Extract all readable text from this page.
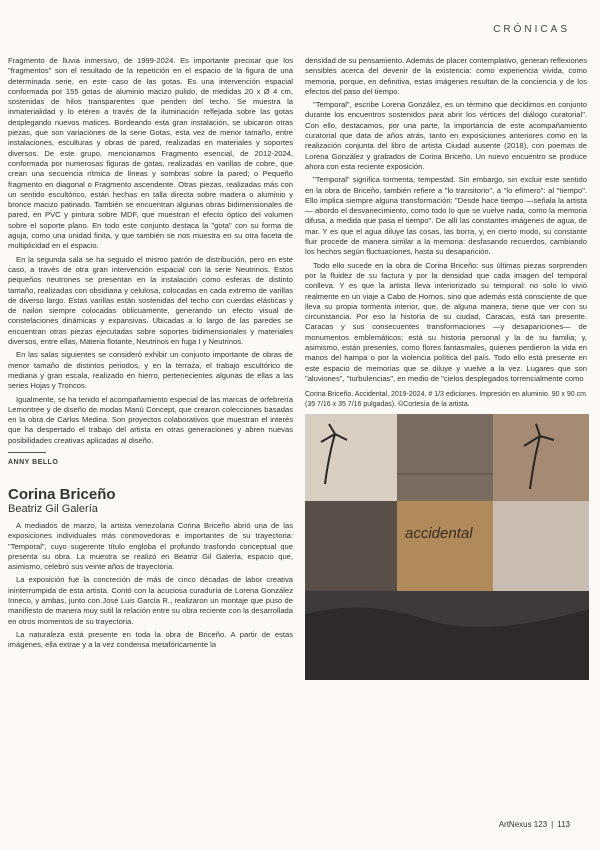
CRÓNICAS

Fragmento de lluvia inmersivo, de 1999-2024. Es importante precisar que los "fragmentos" son el resultado de la repetición en el espacio de la figura de una determinada serie, en este caso de las gotas. Es una intervención espacial conformada por 155 gotas de aluminio macizo pulido, de medidas 20 x Ø 4 cm, sostenidas de hilos transparentes que penden del techo. Se muestra la inmaterialidad y lo etéreo a través de la iluminación reflejada sobre las gotas desplegando nuevos matices. Bordeando esta gran instalación, se ubicaron otras piezas, que son variaciones de la serie Gotas, esta vez de menor tamaño, entre instalaciones, esculturas y obras de pared, realizadas en materiales y soportes diversos. De este grupo, mencionamos Fragmento esencial, de 2012-2024, conformada por numerosas figuras de gotas, realizadas en varillas de cobre, que crean una secuencia rítmica de líneas y sombras sobre la pared; o Pequeño fragmento en diagonal o Fragmento ascendente. Otras piezas, realizadas más con un sentido escultórico, están hechas en talla directa sobre madera o aluminio y bronce macizo patinado. También se encuentran algunas obras bidimensionales de pared, en PVC y pintura sobre MDF, que muestran el efecto óptico del volumen sobre el soporte plano. En todo este conjunto destaca la "gota" con su forma de aguja, como una unidad finita, y que también se nos muestra en su otra faceta de multiplicidad en el espacio.

En la segunda sala se ha seguido el mismo patrón de distribución, pero en este caso, a través de otra gran intervención espacial con la serie Neutrinos. Estos pequeños neutrones se presentan en la instalación como esferas de distinto tamaño, realizadas con obsidiana y celulosa, colocadas en cada extremo de varillas de diverso largo. Estas varillas están sostenidas del techo con cuerdas elásticas y de nailon siempre colocadas oblicuamente, generando un efecto visual de constelaciones dinámicas y expansivas. Ubicadas a lo largo de las paredes se encuentran otras piezas ejecutadas sobre soportes bidimensionales y materiales diversos, entre ellas, Materia flotante, Neutrinos en fuga I y Neutrinos.

En las salas siguientes se consideró exhibir un conjunto importante de obras de menor tamaño de distintos periodos, y en la terraza, el trabajo escultórico de mediana y gran escala, realizado en hierro, pertenecientes algunas de ellas a las series Hojas y Troncos.

Igualmente, se ha tenido el acompañamiento especial de las marcas de orfebrería Lemontree y de diseño de modas Manú Concept, que crearon colecciones basadas en la obra de Carlos Medina. Son proyectos colaborativos que muestran el interés que ha despertado el trabajo del artista en otras generaciones y abren nuevas posibilidades creativas aplicadas al diseño.

ANNY BELLO
Corina Briceño
Beatriz Gil Galería

A mediados de marzo, la artista venezolana Corina Briceño abrió una de las exposiciones individuales más conmovedoras e importantes de su trayectoria: "Temporal", cuyo sugerente título engloba el profundo trasfondo conceptual que presenta su obra. La muestra se realizó en Beatriz Gil Galería, espacio que, asimismo, celebró sus veinte años de trayectoria.

La exposición fue la concreción de más de cinco décadas de labor creativa ininterrumpida de esta artista. Contó con la acuciosa curaduría de Lorena González Inneco, y ambas, junto con José Luis García R., realizaron un montaje que puso de manifiesto de manera muy sutil la relación entre su obra reciente con la desarrollada en otros momentos de su trayectoria.

La naturaleza está presente en toda la obra de Briceño. A partir de estas imágenes, ella extrae y a la vez condensa metafóricamente la

densidad de su pensamiento. Además de placer contemplativo, generan reflexiones sensibles acerca del devenir de la existencia: como experiencia vivida, como memoria, porque, en definitiva, estas imágenes resultan de la conciencia y de los efectos del paso del tiempo.

"Temporal", escribe Lorena González, es un término que decidimos en conjunto durante los encuentros sostenidos para abrir los vértices del diálogo curatorial". Con ello, destacamos, por una parte, la importancia de este acompañamiento curatorial que data de años atrás, tanto en exposiciones anteriores como en la realización conjunta del libro de artista Ciudad ausente (2018), con poemas de Lorena González y grabados de Corina Briceño. Un nuevo encuentro se produce ahora con esta reciente exposición.

"Temporal" significa tormenta, tempestad. Sin embargo, sin excluir este sentido en la obra de Briceño, también refiere a "lo transitorio", a "lo efímero": al "tiempo". Ello implica siempre alguna transformación: "Desde hace tiempo —señala la artista— abordo el desvanecimiento, como todo lo que se vuelve nada, como la memoria difusa, a medida que pasa el tiempo". De allí las constantes imágenes de agua, de mar. Y es que el agua diluye las cosas, las borra, y, en cierto modo, su constante fluir procede de manera similar a la memoria: desfasando recuerdos, cambiando los hechos según fluctuaciones, hasta su desaparición.

Todo ello sucede en la obra de Corina Briceño: sus últimas piezas sorprenden por la fluidez de su factura y por la densidad que cada imagen del temporal conlleva. Y es que la artista lleva interiorizado su temporal: no solo lo vivió realmente en un viaje a Cabo de Hornos, sino que además está consciente de que lleva su propia tormenta interior, que, de alguna manera, tiene que ver con su circunstancia. Por eso la historia de su ciudad, Caracas, está tan presente. Caracas y sus consecuentes transformaciones —y desapariciones— de monumentos emblemáticos; está su historia personal y la de su familia; y, asimismo, están presentes, como flores fantasmales, quienes perdieron la vida en manos del hampa o por la violencia política del país. Todo ello está presente en este espacio de memorias que se diluye y vuelve a la vez. Lugares que son "aluviones", "turbulencias", en medio de "cielos desplegados torrencialmente como

Corina Briceño. Accidental, 2019-2024. # 1/3 ediciones. Impresión en aluminio. 90 x 90 cm (35 7/16 x 35 7/16 pulgadas). ©Cortesía de la artista.

accidental
ArtNexus 123 | 113
